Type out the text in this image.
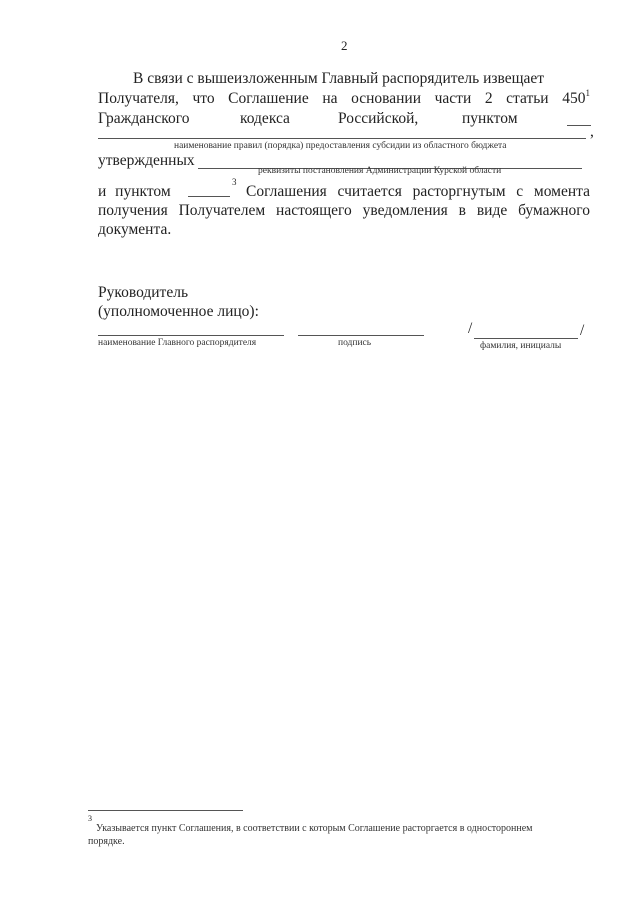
2
В связи с вышеизложенным Главный распорядитель извещает
Получателя, что Соглашение на основании части 2 статьи $450^1$
Гражданского	кодекса	Российской,	пунктом
,
наименование правил (порядка) предоставления субсидии из областного бюджета
утвержденных
реквизиты постановления Администрации Курской области
и пунктом
3
Соглашения считается расторгнутым с момента
получения Получателем настоящего уведомления в виде бумажного
документа.
Руководитель
(уполномоченное лицо):
/	/
наименование Главного распорядителя	подпись	фамилия, инициалы
3
Указывается пункт Соглашения, в соответствии с которым Соглашение расторгается в одностороннем
порядке.
